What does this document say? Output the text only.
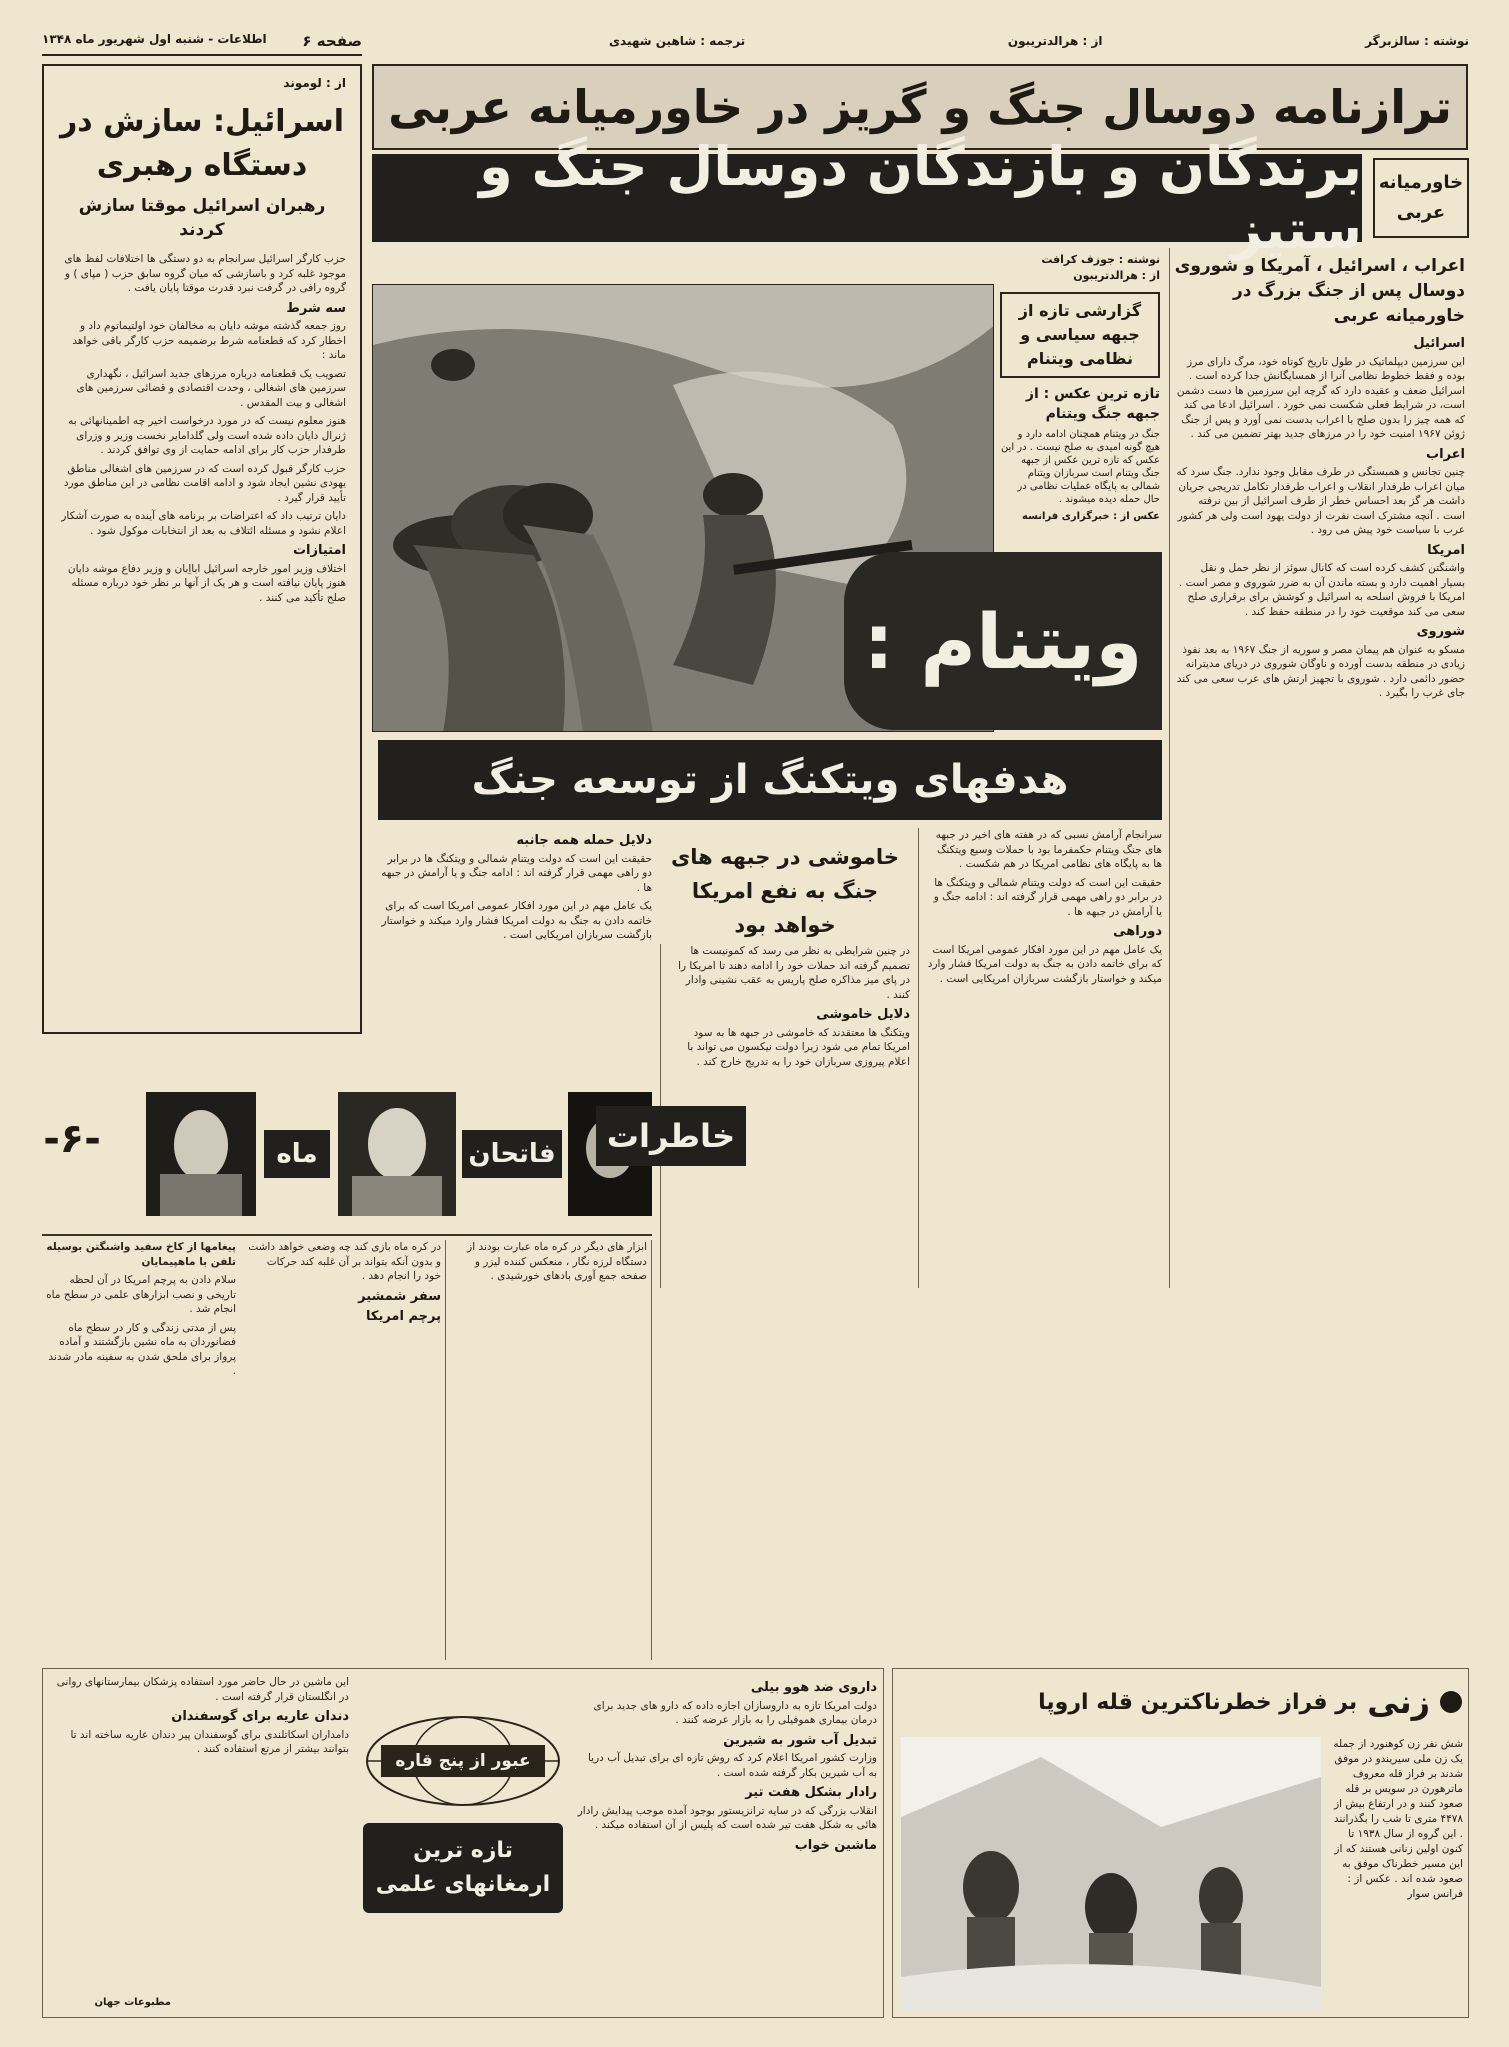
نوشته : سالزبرگر
از : هرالدتریبون
ترجمه : شاهین شهیدی
صفحه ۶
اطلاعات - شنبه اول شهریور ماه ۱۳۴۸
ترازنامه دوسال جنگ و گریز در خاورمیانه عربی
خاورمیانه عربی
برندگان و بازندگان دوسال جنگ و ستیز
از : لوموند
اسرائیل: سازش در دستگاه رهبری
رهبران اسرائیل موقتا سازش کردند

حزب کارگر اسرائیل سرانجام به دو دستگی ها اختلافات لفظ های موجود غلبه کرد و باسازشی که میان گروه سابق حزب ( مپای ) و گروه رافی در گرفت نبرد قدرت موقتا پایان یافت .

سه شرط

روز جمعه گذشته موشه دایان به مخالفان خود اولتیماتوم داد و اخطار کرد که قطعنامه شرط برضمیمه حزب کارگر باقی خواهد ماند :

تصویب یک قطعنامه درباره مرزهای جدید اسرائیل ، نگهداری سرزمین های اشغالی ، وحدت اقتصادی و قضائی سرزمین های اشغالی و بیت المقدس .

هنوز معلوم نیست که در مورد درخواست اخیر چه اطمینانهائی به ژنرال دایان داده شده است ولی گلدامایر نخست وزیر و وزرای طرفدار حزب کار برای ادامه حمایت از وی توافق کردند .

حزب کارگر قبول کرده است که در سرزمین های اشغالی مناطق یهودی نشین ایجاد شود و ادامه اقامت نظامی در این مناطق مورد تأیید قرار گیرد .

دایان ترتیب داد که اعتراضات بر برنامه های آینده به صورت آشکار اعلام نشود و مسئله ائتلاف به بعد از انتخابات موکول شود .

امتیازات

اختلاف وزیر امور خارجه اسرائیل ابااِبان و وزیر دفاع موشه دایان هنوز پایان نیافته است و هر یک از آنها بر نظر خود درباره مسئله صلح تأکید می کنند .

اعراب ، اسرائیل ، آمریکا و شوروی دوسال پس از جنگ بزرگ در خاورمیانه عربی
اسرائیل

این سرزمین دیپلماتیک در طول تاریخ کوتاه خود، مرگ دارای مرز بوده و فقط خطوط نظامی آنرا از همسایگانش جدا کرده است . اسرائیل ضعف و عقیده دارد که گرچه این سرزمین ها دست دشمن است، در شرایط فعلی شکست نمی خورد . اسرائیل ادعا می کند که همه چیز را بدون صلح با اعراب بدست نمی آورد و پس از جنگ ژوئن ۱۹۶۷ امنیت خود را در مرزهای جدید بهتر تضمین می کند .

اعراب

چنین تجانس و همبستگی در طرف مقابل وجود ندارد. جنگ سرد که میان اعراب طرفدار انقلاب و اعراب طرفدار تکامل تدریجی جریان داشت هر گز بعد احساس خطر از طرف اسرائیل از بین نرفته است . آنچه مشترک است نفرت از دولت یهود است ولی هر کشور عرب با سیاست خود پیش می رود .

امریکا

واشنگتن کشف کرده است که کانال سوئز از نظر حمل و نقل بسیار اهمیت دارد و بسته ماندن آن به ضرر شوروی و مصر است . امریکا با فروش اسلحه به اسرائیل و کوشش برای برقراری صلح سعی می کند موقعیت خود را در منطقه حفظ کند .

شوروی

مسکو به عنوان هم پیمان مصر و سوریه از جنگ ۱۹۶۷ به بعد نفوذ زیادی در منطقه بدست آورده و ناوگان شوروی در دریای مدیترانه حضور دائمی دارد . شوروی با تجهیز ارتش های عرب سعی می کند جای غرب را بگیرد .

نوشته : جوزف کرافت
از : هرالدتریبون
گزارشی تازه از جبهه سیاسی و نظامی ویتنام
تازه ترین عکس : از جبهه جنگ ویتنام
جنگ در ویتنام همچنان ادامه دارد و هیچ گونه امیدی به صلح نیست . در این عکس که تازه ترین عکس از جبهه جنگ ویتنام است سربازان ویتنام شمالی به پایگاه عملیات نظامی در حال حمله دیده میشوند .
عکس از : خبرگزاری فرانسه
ویتنام :
هدفهای ویتکنگ از توسعه جنگ
خاموشی در جبهه های جنگ به نفع امریکا خواهد بود

سرانجام آرامش نسبی که در هفته های اخیر در جبهه های جنگ ویتنام حکمفرما بود با حملات وسیع ویتکنگ ها به پایگاه های نظامی امریکا در هم شکست .

حقیقت این است که دولت ویتنام شمالی و ویتکنگ ها در برابر دو راهی مهمی قرار گرفته اند : ادامه جنگ و یا آرامش در جبهه ها .

دوراهی

یک عامل مهم در این مورد افکار عمومی امریکا است که برای خاتمه دادن به جنگ به دولت امریکا فشار وارد میکند و خواستار بازگشت سربازان امریکایی است .

در چنین شرایطی به نظر می رسد که کمونیست ها تصمیم گرفته اند حملات خود را ادامه دهند تا امریکا را در پای میز مذاکره صلح پاریس به عقب نشینی وادار کنند .

دلایل خاموشی

ویتکنگ ها معتقدند که خاموشی در جبهه ها به سود امریکا تمام می شود زیرا دولت نیکسون می تواند با اعلام پیروزی سربازان خود را به تدریج خارج کند .

دلایل حمله همه جانبه

حقیقت این است که دولت ویتنام شمالی و ویتکنگ ها در برابر دو راهی مهمی قرار گرفته اند : ادامه جنگ و یا آرامش در جبهه ها .

یک عامل مهم در این مورد افکار عمومی امریکا است که برای خاتمه دادن به جنگ به دولت امریکا فشار وارد میکند و خواستار بازگشت سربازان امریکایی است .

-۶-	ماه	فاتحان خاطرات

پیغامها از کاخ سفید واشنگتن بوسیله تلفن با ماهپیمایان

سلام دادن به پرچم امریکا در آن لحظه تاریخی و نصب ابزارهای علمی در سطح ماه انجام شد .

پس از مدتی زندگی و کار در سطح ماه فضانوردان به ماه نشین بازگشتند و آماده پرواز برای ملحق شدن به سفینه مادر شدند .

در کره ماه بازی کند چه وضعی خواهد داشت و بدون آنکه بتواند بر آن غلبه کند حرکات خود را انجام دهد .

سفر شمشیر
پرچم امریکا

ابزار های دیگر در کره ماه عبارت بودند از دستگاه لرزه نگار ، منعکس کننده لیزر و صفحه جمع آوری بادهای خورشیدی .

عبور از پنج قاره
تازه ترین ارمغانهای علمی

این ماشین در حال حاضر مورد استفاده پزشکان بیمارستانهای روانی در انگلستان قرار گرفته است .

دندان عاریه برای گوسفندان

دامداران اسکاتلندی برای گوسفندان پیر دندان عاریه ساخته اند تا بتوانند بیشتر از مرتع استفاده کنند .

داروی ضد هوو بیلی

دولت امریکا تازه به داروسازان اجازه داده که دارو های جدید برای درمان بیماری هموفیلی را به بازار عرضه کنند .

تبدیل آب شور به شیرین

وزارت کشور امریکا اعلام کرد که روش تازه ای برای تبدیل آب دریا به آب شیرین بکار گرفته شده است .

رادار بشکل هفت تیر

انقلاب بزرگی که در سایه ترانزیستور بوجود آمده موجب پیدایش رادار هائی به شکل هفت تیر شده است که پلیس از آن استفاده میکند .

ماشین خواب
مطبوعات جهان
زنی
بر فراز خطرناکترین قله اروپا
شش نفر زن کوهنورد از جمله یک زن ملی سیریندو در موفق شدند بر فراز قله معروف ماترهورن در سویس بر قله صعود کنند و در ارتفاع بیش از ۴۴۷۸ متری تا شب را بگذرانند . این گروه از سال ۱۹۳۸ تا کنون اولین زنانی هستند که از این مسیر خطرناک موفق به صعود شده اند . عکس از : فرانس سوار
